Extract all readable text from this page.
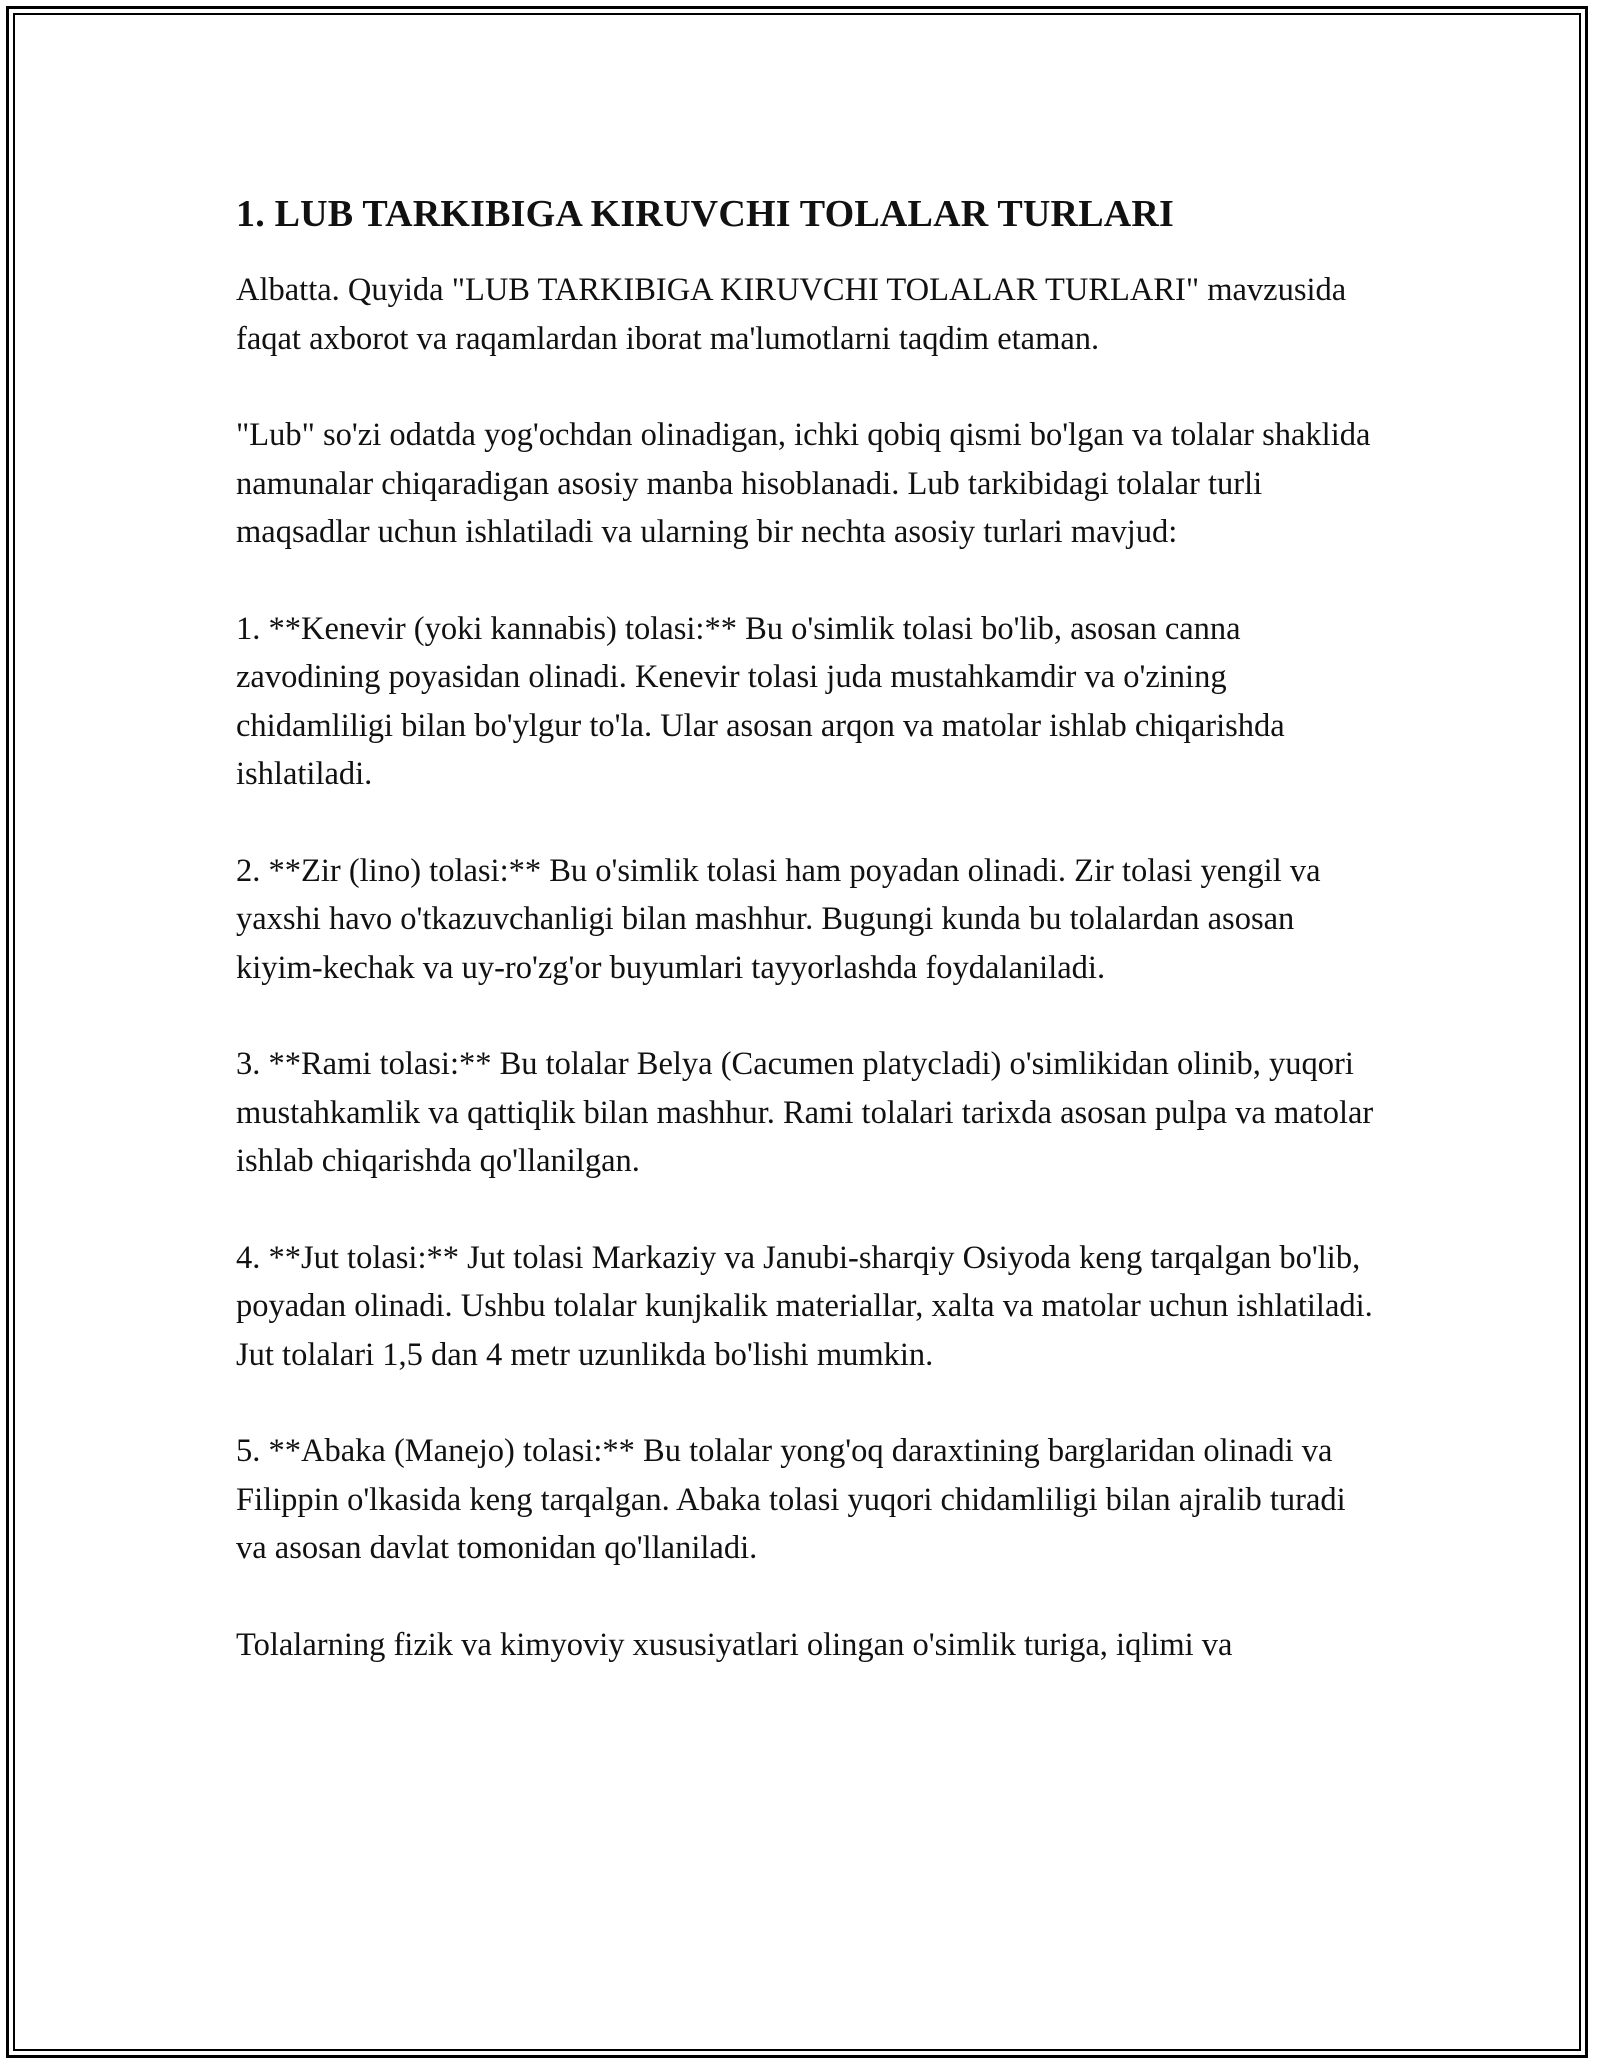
1. LUB TARKIBIGA KIRUVCHI TOLALAR TURLARI

Albatta. Quyida "LUB TARKIBIGA KIRUVCHI TOLALAR TURLARI" mavzusida faqat axborot va raqamlardan iborat ma'lumotlarni taqdim etaman.

"Lub" so'zi odatda yog'ochdan olinadigan, ichki qobiq qismi bo'lgan va tolalar shaklida namunalar chiqaradigan asosiy manba hisoblanadi. Lub tarkibidagi tolalar turli maqsadlar uchun ishlatiladi va ularning bir nechta asosiy turlari mavjud:

1. **Kenevir (yoki kannabis) tolasi:** Bu o'simlik tolasi bo'lib, asosan canna zavodining poyasidan olinadi. Kenevir tolasi juda mustahkamdir va o'zining chidamliligi bilan bo'ylgur to'la. Ular asosan arqon va matolar ishlab chiqarishda ishlatiladi.

2. **Zir (lino) tolasi:** Bu o'simlik tolasi ham poyadan olinadi. Zir tolasi yengil va yaxshi havo o'tkazuvchanligi bilan mashhur. Bugungi kunda bu tolalardan asosan kiyim-kechak va uy-ro'zg'or buyumlari tayyorlashda foydalaniladi.

3. **Rami tolasi:** Bu tolalar Belya (Cacumen platycladi) o'simlikidan olinib, yuqori mustahkamlik va qattiqlik bilan mashhur. Rami tolalari tarixda asosan pulpa va matolar ishlab chiqarishda qo'llanilgan.

4. **Jut tolasi:** Jut tolasi Markaziy va Janubi-sharqiy Osiyoda keng tarqalgan bo'lib, poyadan olinadi. Ushbu tolalar kunjkalik materiallar, xalta va matolar uchun ishlatiladi. Jut tolalari 1,5 dan 4 metr uzunlikda bo'lishi mumkin.

5. **Abaka (Manejo) tolasi:** Bu tolalar yong'oq daraxtining barglaridan olinadi va Filippin o'lkasida keng tarqalgan. Abaka tolasi yuqori chidamliligi bilan ajralib turadi va asosan davlat tomonidan qo'llaniladi.

Tolalarning fizik va kimyoviy xususiyatlari olingan o'simlik turiga, iqlimi va
